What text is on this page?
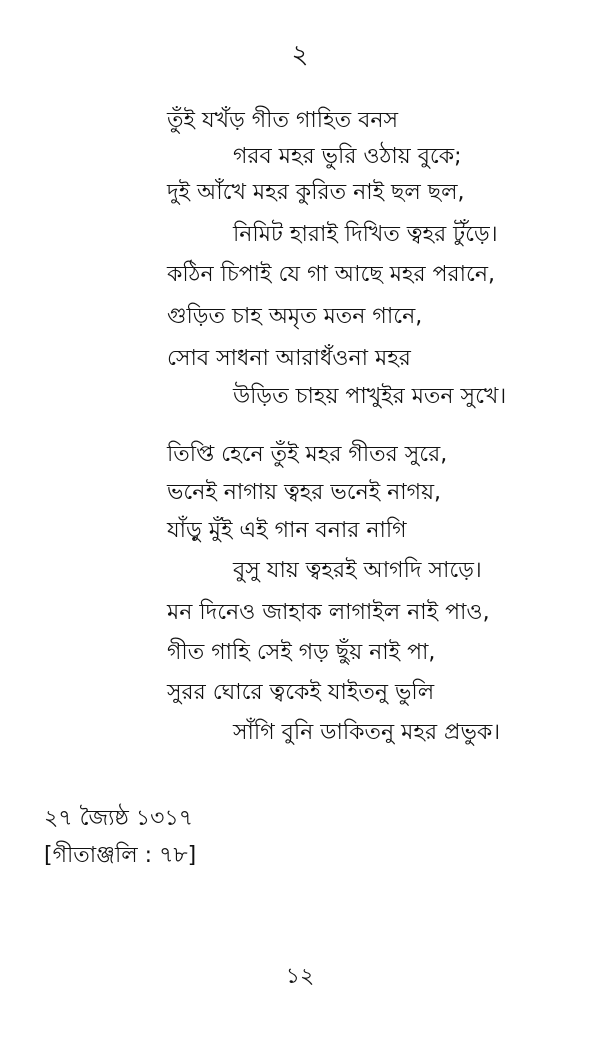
২
তুঁই যখঁড় গীত গাহিত বনস
গরব মহর ভুরি ওঠায় বুকে;
দুই আঁখে মহর কুরিত নাই ছল ছল,
নিমিট হারাই দিখিত ত্বহর টুঁড়ে।
কঠিন চিপাই যে গা আছে মহর পরানে,
গুড়িত চাহ অমৃত মতন গানে,
সোব সাধনা আরাধঁওনা মহর
উড়িত চাহয় পাখুইর মতন সুখে।
তিপ্তি হেনে তুঁই মহর গীতর সুরে,
ভনেই নাগায় ত্বহর ভনেই নাগয়,
যাঁড়ু মুঁই এই গান বনার নাগি
বুসু যায় ত্বহরই আগদি সাড়ে।
মন দিনেও জাহাক লাগাইল নাই পাও,
গীত গাহি সেই গড় ছুঁয় নাই পা,
সুরর ঘোরে ত্বকেই যাইতনু ভুলি
সাঁগি বুনি ডাকিতনু মহর প্রভুক।
২৭ জ্যৈষ্ঠ ১৩১৭
[গীতাঞ্জলি : ৭৮]
১২
